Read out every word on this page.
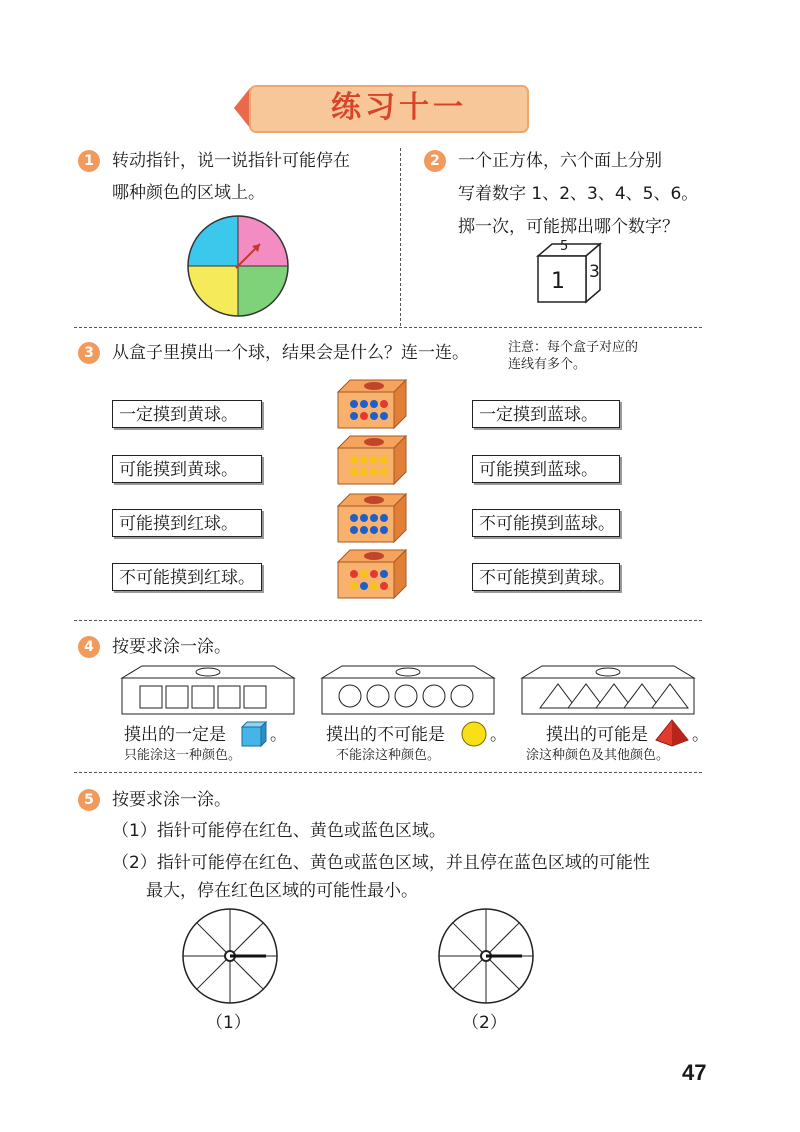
练习十一
1	转动指针，说一说指针可能停在
哪种颜色的区域上。
2	一个正方体，六个面上分别
写着数字 1、2、3、4、5、6。
掷一次，可能掷出哪个数字？
5
1 3
3	从盒子里摸出一个球，结果会是什么？连一连。	注意：每个盒子对应的
连线有多个。
一定摸到黄球。
可能摸到黄球。
可能摸到红球。
不可能摸到红球。
一定摸到蓝球。
可能摸到蓝球。
不可能摸到蓝球。
不可能摸到黄球。
4	按要求涂一涂。
摸出的一定是	。
只能涂这一种颜色。
摸出的不可能是	。
不能涂这种颜色。
摸出的可能是	。
涂这种颜色及其他颜色。
5	按要求涂一涂。
（1）指针可能停在红色、黄色或蓝色区域。
（2）指针可能停在红色、黄色或蓝色区域，并且停在蓝色区域的可能性
最大，停在红色区域的可能性最小。
（1）	（2）
47
